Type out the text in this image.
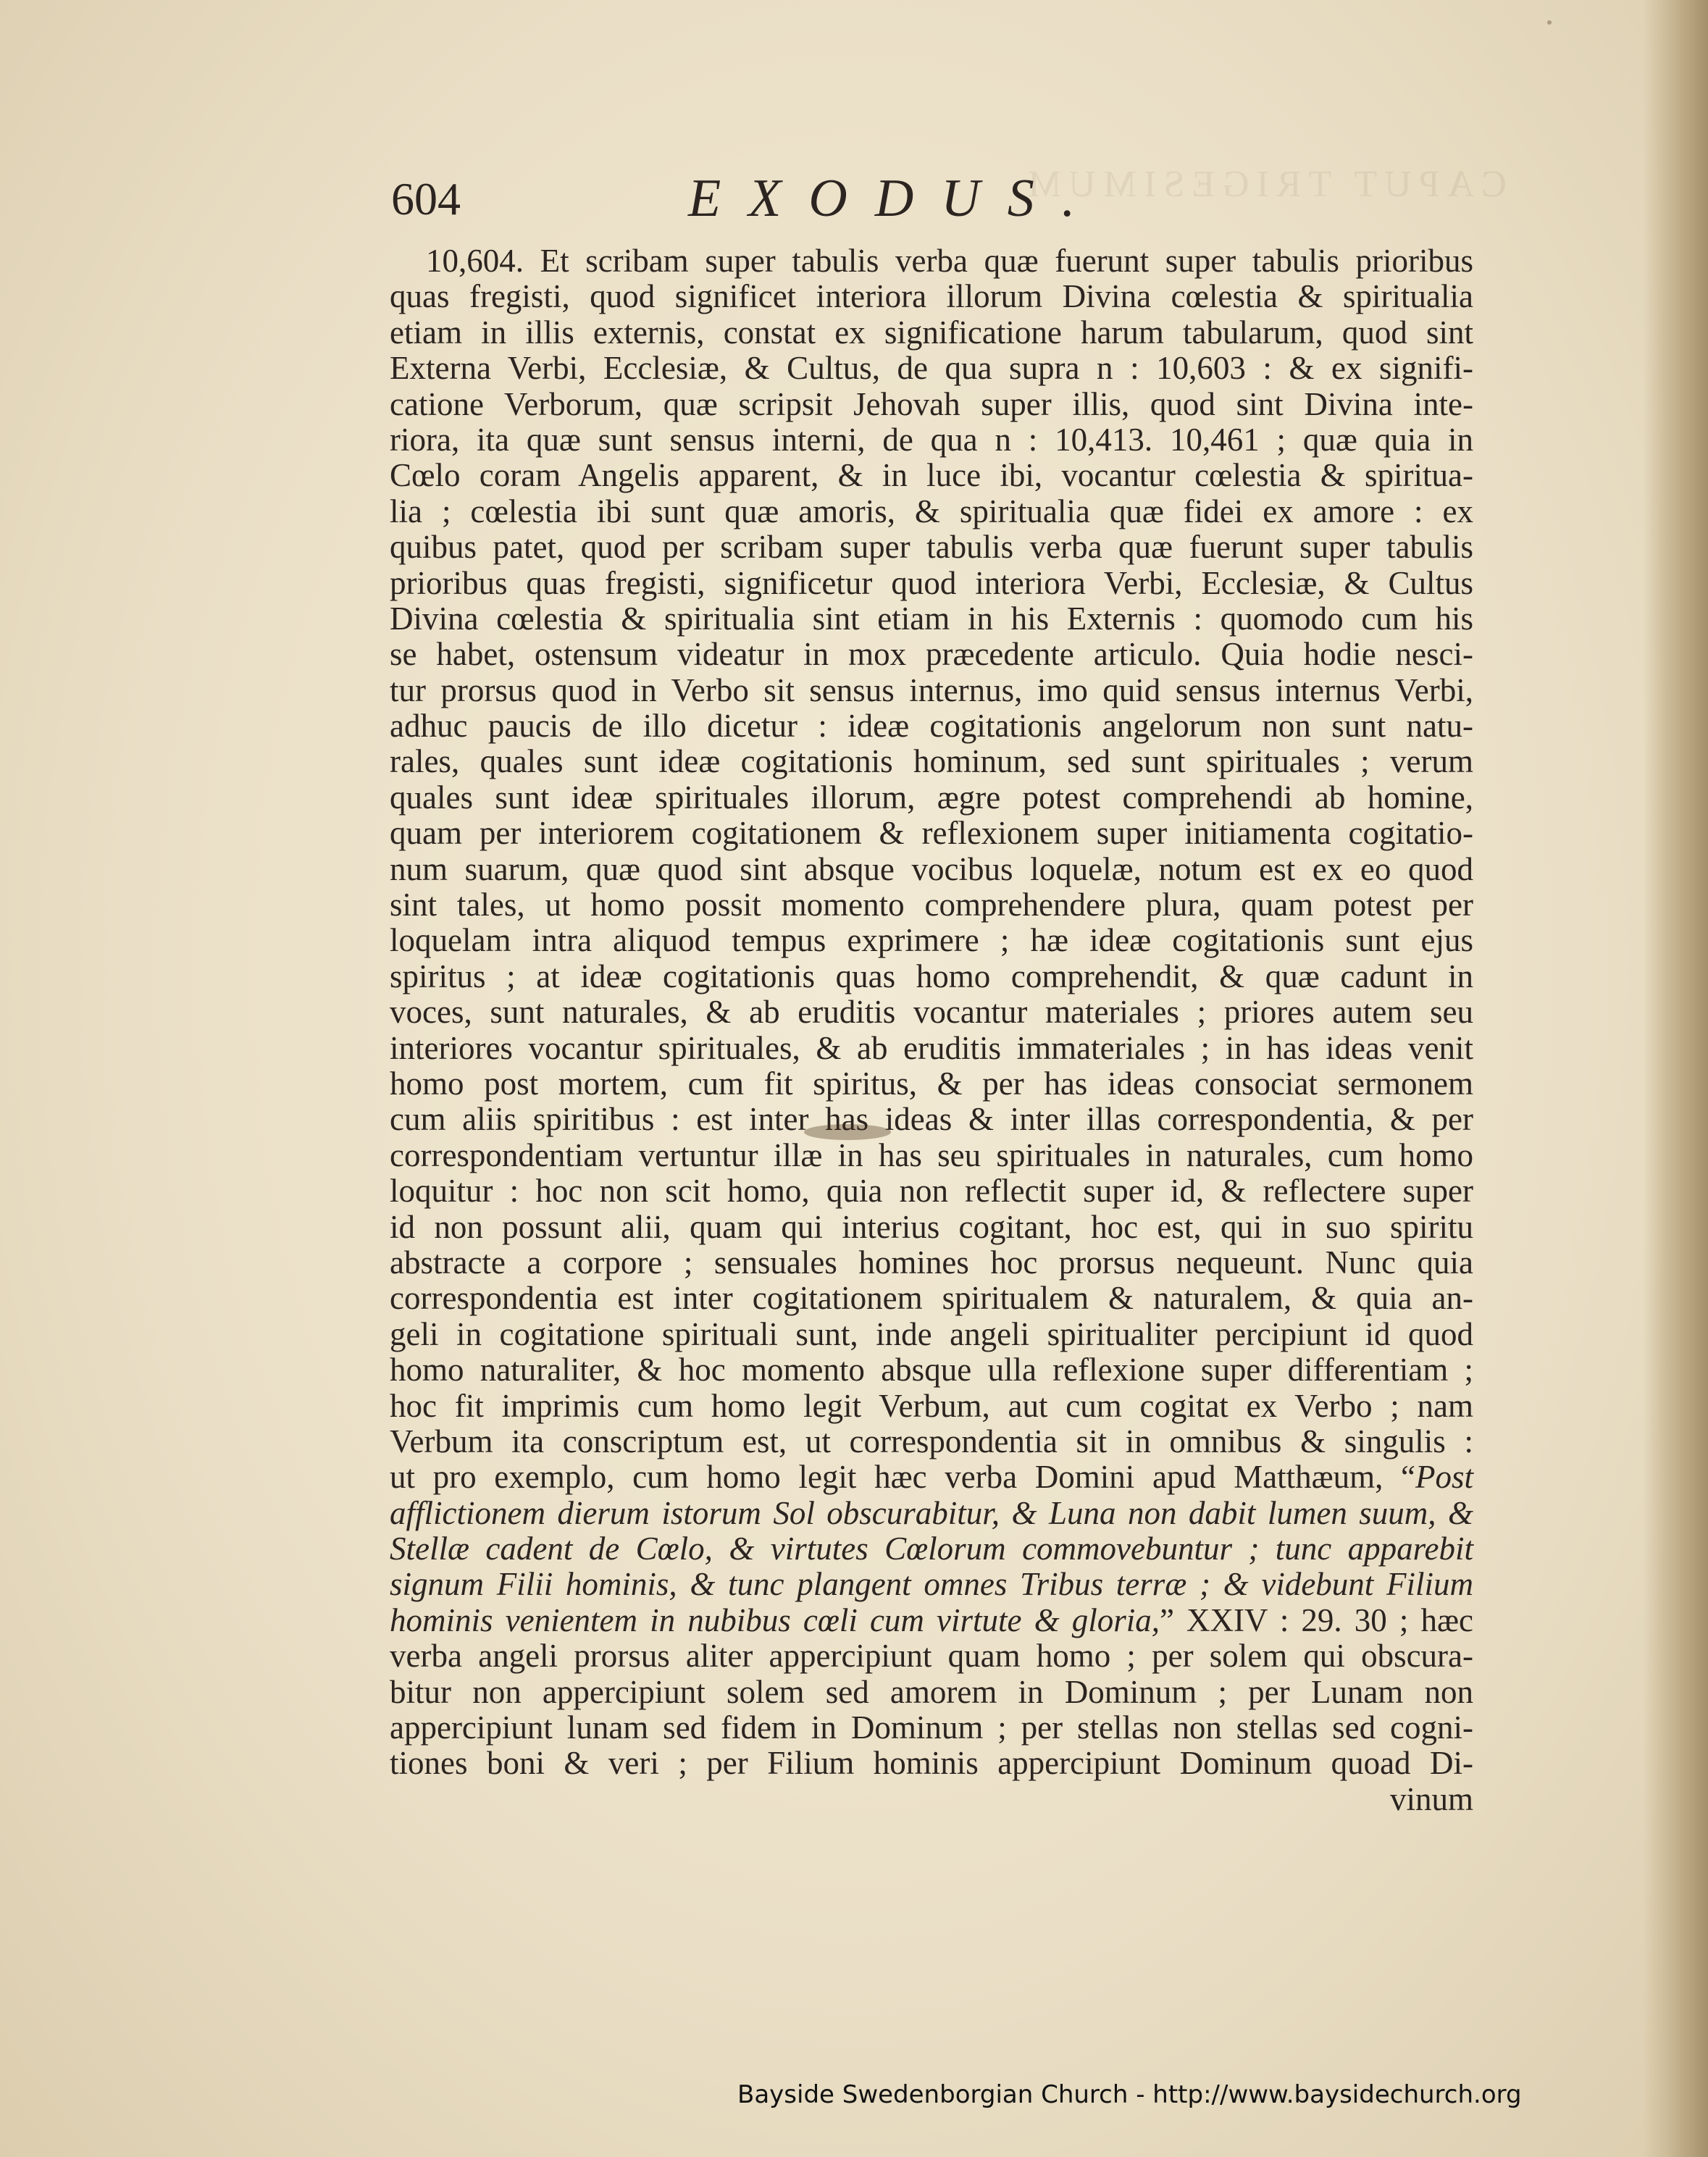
CAPUT TRIGESIMUM
604	EXODUS.
10,604. Et scribam super tabulis verba quæ fuerunt super tabulis prioribus
quas fregisti, quod significet interiora illorum Divina cœlestia & spiritualia
etiam in illis externis, constat ex significatione harum tabularum, quod sint
Externa Verbi, Ecclesiæ, & Cultus, de qua supra n : 10,603 : & ex signifi-
catione Verborum, quæ scripsit Jehovah super illis, quod sint Divina inte-
riora, ita quæ sunt sensus interni, de qua n : 10,413. 10,461 ; quæ quia in
Cœlo coram Angelis apparent, & in luce ibi, vocantur cœlestia & spiritua-
lia ; cœlestia ibi sunt quæ amoris, & spiritualia quæ fidei ex amore : ex
quibus patet, quod per scribam super tabulis verba quæ fuerunt super tabulis
prioribus quas fregisti, significetur quod interiora Verbi, Ecclesiæ, & Cultus
Divina cœlestia & spiritualia sint etiam in his Externis : quomodo cum his
se habet, ostensum videatur in mox præcedente articulo. Quia hodie nesci-
tur prorsus quod in Verbo sit sensus internus, imo quid sensus internus Verbi,
adhuc paucis de illo dicetur : ideæ cogitationis angelorum non sunt natu-
rales, quales sunt ideæ cogitationis hominum, sed sunt spirituales ; verum
quales sunt ideæ spirituales illorum, ægre potest comprehendi ab homine,
quam per interiorem cogitationem & reflexionem super initiamenta cogitatio-
num suarum, quæ quod sint absque vocibus loquelæ, notum est ex eo quod
sint tales, ut homo possit momento comprehendere plura, quam potest per
loquelam intra aliquod tempus exprimere ; hæ ideæ cogitationis sunt ejus
spiritus ; at ideæ cogitationis quas homo comprehendit, & quæ cadunt in
voces, sunt naturales, & ab eruditis vocantur materiales ; priores autem seu
interiores vocantur spirituales, & ab eruditis immateriales ; in has ideas venit
homo post mortem, cum fit spiritus, & per has ideas consociat sermonem
cum aliis spiritibus : est inter has ideas & inter illas correspondentia, & per
correspondentiam vertuntur illæ in has seu spirituales in naturales, cum homo
loquitur : hoc non scit homo, quia non reflectit super id, & reflectere super
id non possunt alii, quam qui interius cogitant, hoc est, qui in suo spiritu
abstracte a corpore ; sensuales homines hoc prorsus nequeunt. Nunc quia
correspondentia est inter cogitationem spiritualem & naturalem, & quia an-
geli in cogitatione spirituali sunt, inde angeli spiritualiter percipiunt id quod
homo naturaliter, & hoc momento absque ulla reflexione super differentiam ;
hoc fit imprimis cum homo legit Verbum, aut cum cogitat ex Verbo ; nam
Verbum ita conscriptum est, ut correspondentia sit in omnibus & singulis :
ut pro exemplo, cum homo legit hæc verba Domini apud Matthæum, “Post
afflictionem dierum istorum Sol obscurabitur, & Luna non dabit lumen suum, &
Stellæ cadent de Cœlo, & virtutes Cœlorum commovebuntur ; tunc apparebit
signum Filii hominis, & tunc plangent omnes Tribus terræ ; & videbunt Filium
hominis venientem in nubibus cœli cum virtute & gloria,” XXIV : 29. 30 ; hæc
verba angeli prorsus aliter appercipiunt quam homo ; per solem qui obscura-
bitur non appercipiunt solem sed amorem in Dominum ; per Lunam non
appercipiunt lunam sed fidem in Dominum ; per stellas non stellas sed cogni-
tiones boni & veri ; per Filium hominis appercipiunt Dominum quoad Di-
vinum
Bayside Swedenborgian Church - http://www.baysidechurch.org
